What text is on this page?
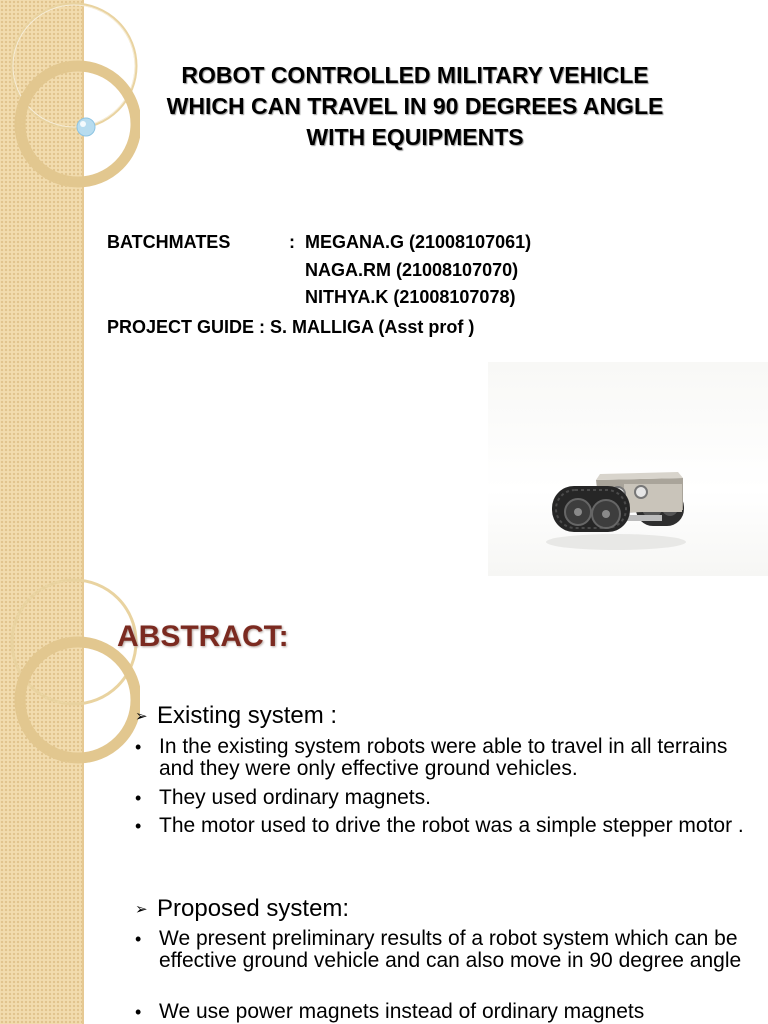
ROBOT CONTROLLED MILITARY VEHICLE
WHICH CAN TRAVEL IN 90 DEGREES ANGLE
WITH EQUIPMENTS
BATCHMATES	: MEGANA.G (21008107061)
NAGA.RM (21008107070)
NITHYA.K (21008107078)
PROJECT GUIDE : S. MALLIGA (Asst prof )
ABSTRACT:
➢ Existing system :
• In the existing system robots were able to travel in all terrains and they were only effective ground vehicles.
• They used ordinary magnets.
• The motor used to drive the robot was a simple stepper motor .
➢ Proposed system:
• We present preliminary results of a robot system which can be effective ground vehicle and can also move in 90 degree angle
• We use power magnets instead of ordinary magnets
